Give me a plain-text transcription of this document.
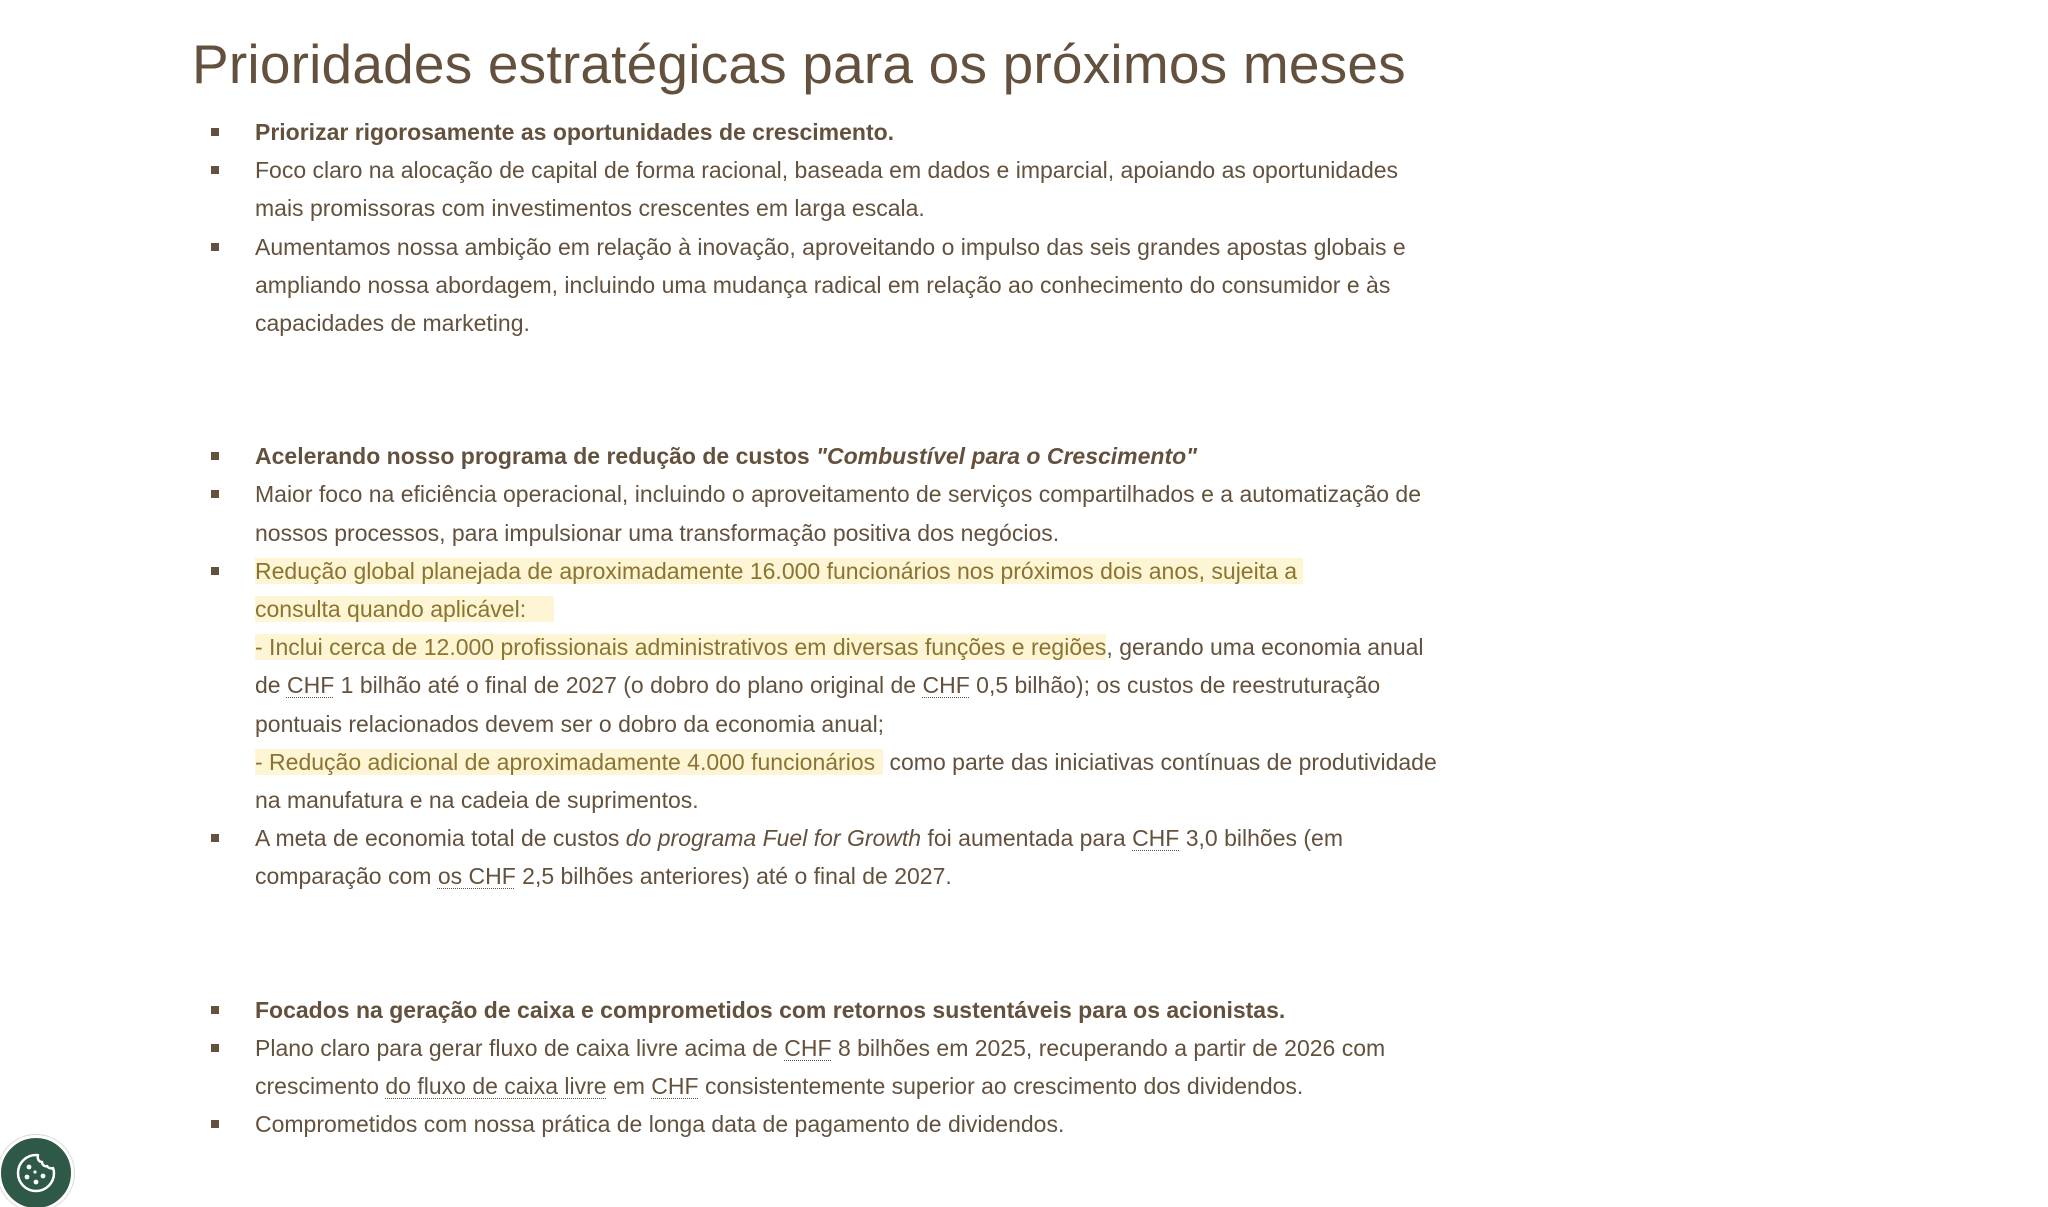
Prioridades estratégicas para os próximos meses
Priorizar rigorosamente as oportunidades de crescimento.
Foco claro na alocação de capital de forma racional, baseada em dados e imparcial, apoiando as oportunidades mais promissoras com investimentos crescentes em larga escala.
Aumentamos nossa ambição em relação à inovação, aproveitando o impulso das seis grandes apostas globais e ampliando nossa abordagem, incluindo uma mudança radical em relação ao conhecimento do consumidor e às capacidades de marketing.
Acelerando nosso programa de redução de custos "Combustível para o Crescimento"
Maior foco na eficiência operacional, incluindo o aproveitamento de serviços compartilhados e a automatização de nossos processos, para impulsionar uma transformação positiva dos negócios.
Redução global planejada de aproximadamente 16.000 funcionários nos próximos dois anos, sujeita a
consulta quando aplicável:
- Inclui cerca de 12.000 profissionais administrativos em diversas funções e regiões, gerando uma economia anual de CHF 1 bilhão até o final de 2027 (o dobro do plano original de CHF 0,5 bilhão); os custos de reestruturação pontuais relacionados devem ser o dobro da economia anual;
- Redução adicional de aproximadamente 4.000 funcionários como parte das iniciativas contínuas de produtividade na manufatura e na cadeia de suprimentos.
A meta de economia total de custos do programa Fuel for Growth foi aumentada para CHF 3,0 bilhões (em comparação com os CHF 2,5 bilhões anteriores) até o final de 2027.
Focados na geração de caixa e comprometidos com retornos sustentáveis para os acionistas.
Plano claro para gerar fluxo de caixa livre acima de CHF 8 bilhões em 2025, recuperando a partir de 2026 com crescimento do fluxo de caixa livre em CHF consistentemente superior ao crescimento dos dividendos.
Comprometidos com nossa prática de longa data de pagamento de dividendos.
